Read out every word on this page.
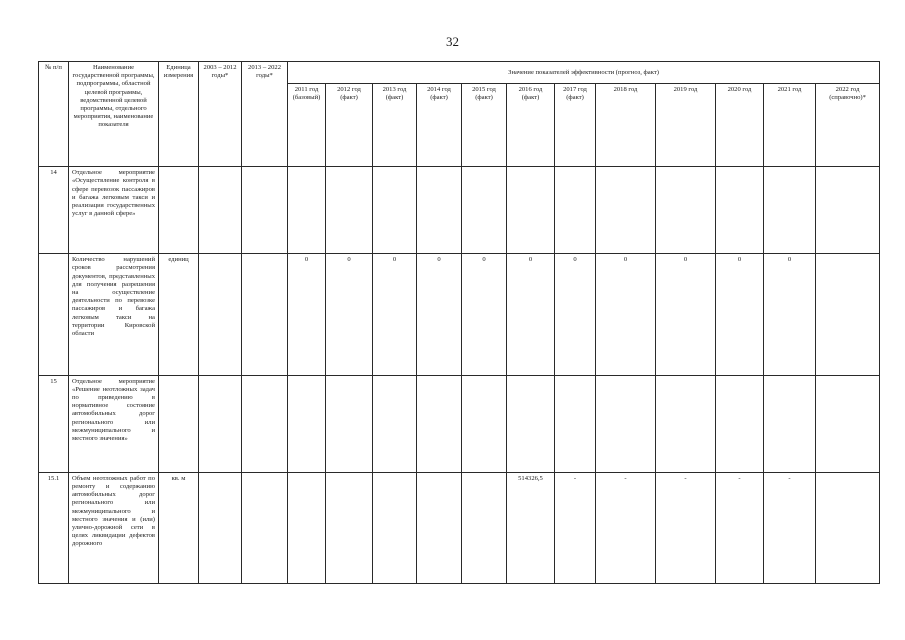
32
№ п/п	Наименование государственной программы, подпрограммы, областной целевой программы, ведомственной целевой программы, отдельного мероприятия, наименование показателя	Единица измерения	2003 – 2012 годы*	2013 – 2022 годы*	Значение показателей эффективности (прогноз, факт)											
					2011 год (базовый)	2012 год (факт)	2013 год (факт)	2014 год (факт)	2015 год (факт)	2016 год (факт)	2017 год (факт)	2018 год	2019 год	2020 год	2021 год	2022 год (справочно)*
14	Отдельное мероприятие «Осуществление контроля в сфере перевозок пассажиров и багажа легковым такси и реализация государственных услуг в данной сфере»															
	Количество нарушений сроков рассмотрения документов, представленных для получения разрешения на осуществление деятельности по перевозке пассажиров и багажа легковым такси на территории Кировской области	единиц			0	0	0	0	0	0	0	0	0	0	0	
15	Отдельное мероприятие «Решение неотложных задач по приведению в нормативное состояние автомобильных дорог регионального или межмуниципального и местного значения»															
15.1	Объем неотложных работ по ремонту и содержанию автомобильных дорог регионального или межмуниципального и местного значения и (или) улично-дорожной сети в целях ликвидации дефектов дорожного	кв. м								514326,5	-	-	-	-	-	
